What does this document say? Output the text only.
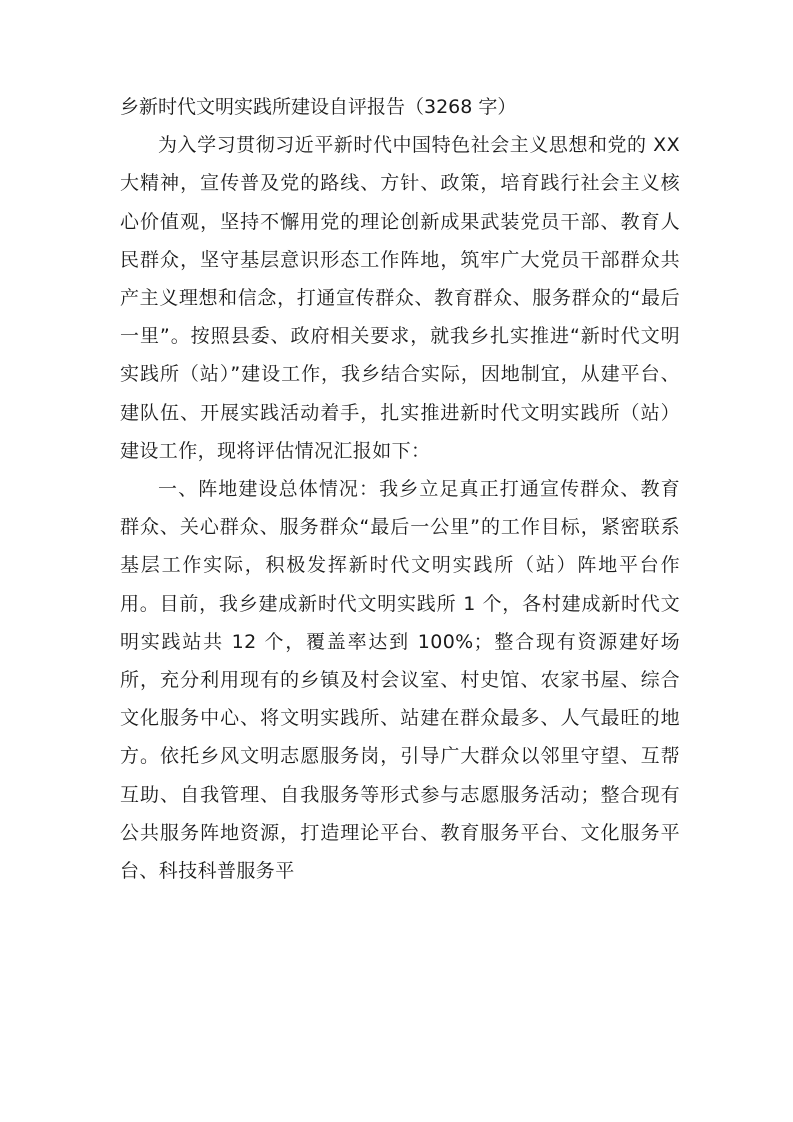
乡新时代文明实践所建设自评报告（3268 字）

为入学习贯彻习近平新时代中国特色社会主义思想和党的 XX 大精神，宣传普及党的路线、方针、政策，培育践行社会主义核心价值观，坚持不懈用党的理论创新成果武装党员干部、教育人民群众，坚守基层意识形态工作阵地，筑牢广大党员干部群众共产主义理想和信念，打通宣传群众、教育群众、服务群众的“最后一里”。按照县委、政府相关要求，就我乡扎实推进“新时代文明实践所（站）”建设工作，我乡结合实际，因地制宜，从建平台、建队伍、开展实践活动着手，扎实推进新时代文明实践所（站）建设工作，现将评估情况汇报如下：

一、阵地建设总体情况：我乡立足真正打通宣传群众、教育群众、关心群众、服务群众“最后一公里”的工作目标，紧密联系基层工作实际，积极发挥新时代文明实践所（站）阵地平台作用。目前，我乡建成新时代文明实践所 1 个，各村建成新时代文明实践站共 12 个，覆盖率达到 100%；整合现有资源建好场所，充分利用现有的乡镇及村会议室、村史馆、农家书屋、综合文化服务中心、将文明实践所、站建在群众最多、人气最旺的地方。依托乡风文明志愿服务岗，引导广大群众以邻里守望、互帮互助、自我管理、自我服务等形式参与志愿服务活动；整合现有公共服务阵地资源，打造理论平台、教育服务平台、文化服务平台、科技科普服务平
